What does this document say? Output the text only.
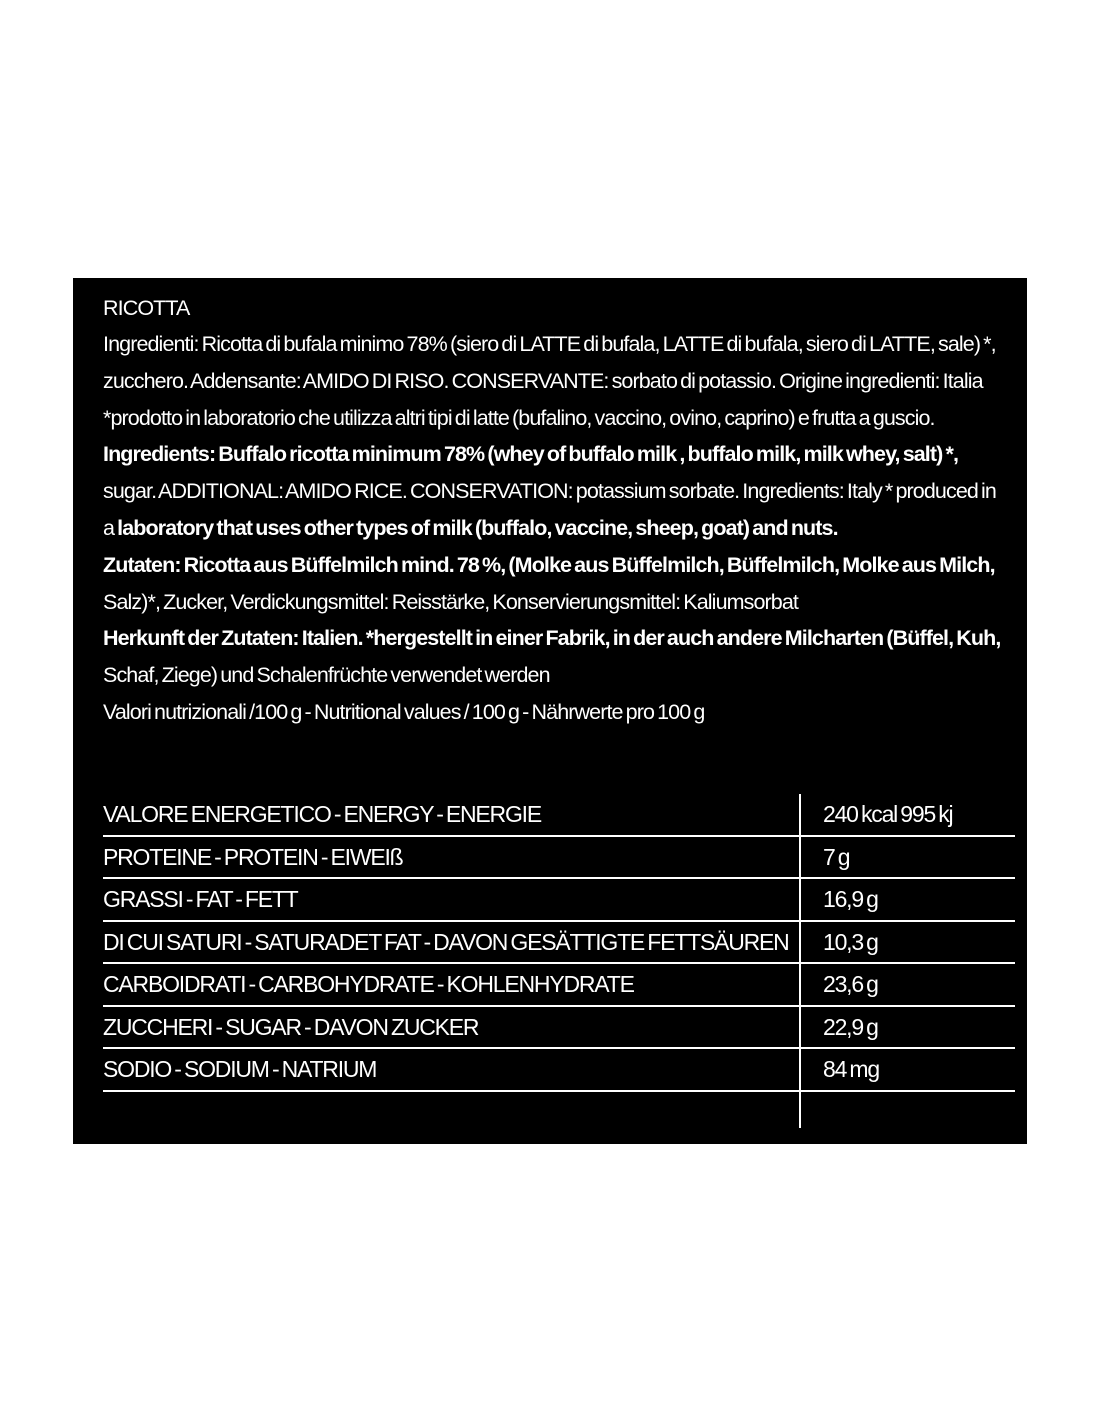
RICOTTA

Ingredienti: Ricotta di bufala minimo 78% (siero di LATTE di bufala, LATTE di bufala, siero di LATTE, sale) *, zucchero. Addensante: AMIDO DI RISO. CONSERVANTE: sorbato di potassio. Origine ingredienti: Italia *prodotto in laboratorio che utilizza altri tipi di latte (bufalino, vaccino, ovino, caprino) e frutta a guscio.

Ingredients: Buffalo ricotta minimum 78% (whey of buffalo milk , buffalo milk, milk whey, salt) *, sugar. ADDITIONAL: AMIDO RICE. CONSERVATION: potassium sorbate. Ingredients: Italy * produced in a laboratory that uses other types of milk (buffalo, vaccine, sheep, goat) and nuts.

Zutaten: Ricotta aus Büffelmilch mind. 78 %, (Molke aus Büffelmilch, Büffelmilch, Molke aus Milch, Salz)*, Zucker, Verdickungsmittel: Reisstärke, Konservierungsmittel: Kaliumsorbat

Herkunft der Zutaten: Italien. *hergestellt in einer Fabrik, in der auch andere Milcharten (Büffel, Kuh, Schaf, Ziege) und Schalenfrüchte verwendet werden

Valori nutrizionali /100 g - Nutritional values / 100 g - Nährwerte pro 100 g

VALORE ENERGETICO - ENERGY - ENERGIE	240 kcal 995 kj
PROTEINE - PROTEIN - EIWEIß	7 g
GRASSI - FAT - FETT	16,9 g
DI CUI SATURI - SATURADET FAT - DAVON GESÄTTIGTE FETTSÄUREN 10,3 g
CARBOIDRATI - CARBOHYDRATE - KOHLENHYDRATE	23,6 g
ZUCCHERI - SUGAR - DAVON ZUCKER	22,9 g
SODIO - SODIUM - NATRIUM	84 mg
